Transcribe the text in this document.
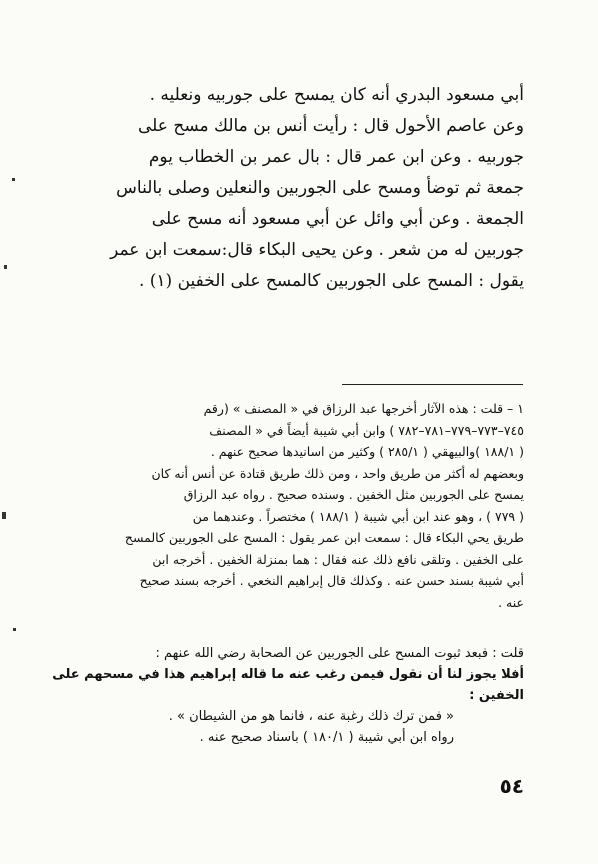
أبي مسعود البدري أنه كان يمسح على جوربيه ونعليه .
وعن عاصم الأحول قال : رأيت أنس بن مالك مسح على
جوربيه . وعن ابن عمر قال : بال عمر بن الخطاب يوم
جمعة ثم توضأ ومسح على الجوربين والنعلين وصلى بالناس
الجمعة . وعن أبي وائل عن أبي مسعود أنه مسح على
جوربين له من شعر . وعن يحيى البكاء قال:سمعت ابن عمر
يقول : المسح على الجوربين كالمسح على الخفين (١) .
١ – قلت : هذه الآثار أخرجها عبد الرزاق في « المصنف » (رقم
٧٤٥–٧٧٣–٧٧٩–٧٨١–٧٨٢ ) وابن أبي شيبة أيضاً في « المصنف
( ١٨٨/١ )والبيهقي ( ٢٨٥/١ ) وكثير من اسانيدها صحيح عنهم .
وبعضهم له أكثر من طريق واحد ، ومن ذلك طريق قتادة عن أنس أنه كان
يمسح على الجوربين مثل الخفين . وسنده صحيح . رواه عبد الرزاق
( ٧٧٩ ) ، وهو عند ابن أبي شيبة ( ١٨٨/١ ) مختصراً . وعندهما من
طريق يحي البكاء قال : سمعت ابن عمر يقول : المسح على الجوربين كالمسح
على الخفين . وتلقى نافع ذلك عنه فقال : هما بمنزلة الخفين . أخرجه ابن
أبي شيبة بسند حسن عنه . وكذلك قال إبراهيم النخعي . أخرجه بسند صحيح
عنه .
قلت : فبعد ثبوت المسح على الجوربين عن الصحابة رضي الله عنهم :
أفلا يجوز لنا أن نقول فيمن رغب عنه ما قاله إبراهيم هذا في مسحهم على
الخفين :
« فمن ترك ذلك رغبة عنه ، فانما هو من الشيطان » .
رواه ابن أبي شيبة ( ١٨٠/١ ) باسناد صحيح عنه .
٥٤
